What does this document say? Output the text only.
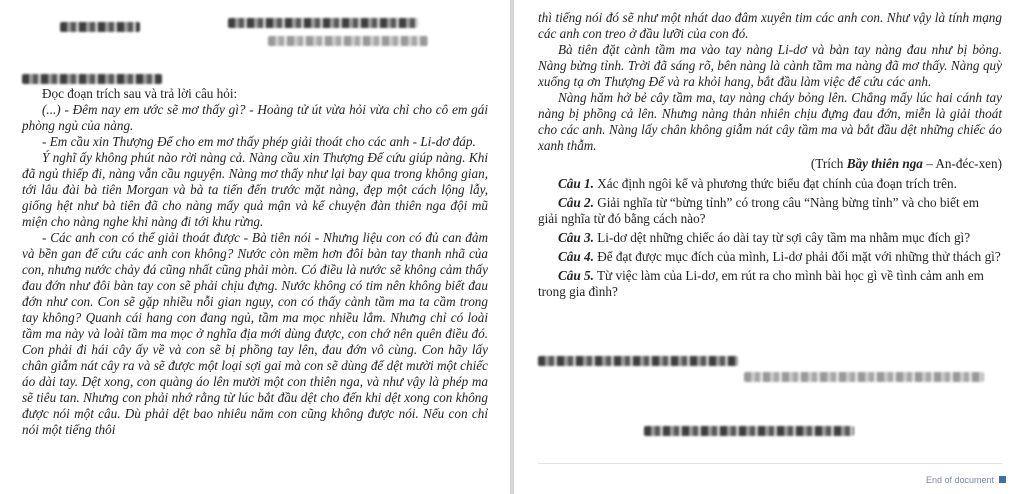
Đọc đoạn trích sau và trả lời câu hỏi:

(...) - Đêm nay em ước sẽ mơ thấy gì? - Hoàng tử út vừa hỏi vừa chỉ cho cô em gái phòng ngủ của nàng.

- Em cầu xin Thượng Đế cho em mơ thấy phép giải thoát cho các anh - Li-dơ đáp.

Ý nghĩ ấy không phút nào rời nàng cả. Nàng cầu xin Thượng Đế cứu giúp nàng. Khi đã ngủ thiếp đi, nàng vẫn cầu nguyện. Nàng mơ thấy như lại bay qua trong không gian, tới lâu đài bà tiên Morgan và bà ta tiến đến trước mặt nàng, đẹp một cách lộng lẫy, giống hệt như bà tiên đã cho nàng mấy quả mận và kể chuyện đàn thiên nga đội mũ miện cho nàng nghe khi nàng đi tới khu rừng.

- Các anh con có thể giải thoát được - Bà tiên nói - Nhưng liệu con có đủ can đảm và bền gan để cứu các anh con không? Nước còn mềm hơn đôi bàn tay thanh nhã của con, nhưng nước chảy đá cũng nhất cũng phải mòn. Có điều là nước sẽ không cảm thấy đau đớn như đôi bàn tay con sẽ phải chịu đựng. Nước không có tim nên không biết đau đớn như con. Con sẽ gặp nhiều nỗi gian nguy, con có thấy cành tầm ma ta cầm trong tay không? Quanh cái hang con đang ngủ, tầm ma mọc nhiều lắm. Nhưng chỉ có loài tầm ma này và loài tầm ma mọc ở nghĩa địa mới dùng được, con chớ nên quên điều đó. Con phải đi hái cây ấy về và con sẽ bị phồng tay lên, đau đớn vô cùng. Con hãy lấy chân giẫm nát cây ra và sẽ được một loại sợi gai mà con sẽ dùng để dệt mười một chiếc áo dài tay. Dệt xong, con quàng áo lên mười một con thiên nga, và như vậy là phép ma sẽ tiêu tan. Nhưng con phải nhớ rằng từ lúc bắt đầu dệt cho đến khi dệt xong con không được nói một câu. Dù phải dệt bao nhiêu năm con cũng không được nói. Nếu con chỉ nói một tiếng thôi

thì tiếng nói đó sẽ như một nhát dao đâm xuyên tim các anh con. Như vậy là tính mạng các anh con treo ở đầu lưỡi của con đó.

Bà tiên đặt cành tầm ma vào tay nàng Li-dơ và bàn tay nàng đau như bị bỏng. Nàng bừng tỉnh. Trời đã sáng rõ, bên nàng là cành tầm ma nàng đã mơ thấy. Nàng quỳ xuống tạ ơn Thượng Đế và ra khỏi hang, bắt đầu làm việc để cứu các anh.

Nàng hăm hở bẻ cây tầm ma, tay nàng cháy bỏng lên. Chẳng mấy lúc hai cánh tay nàng bị phồng cả lên. Nhưng nàng thản nhiên chịu đựng đau đớn, miễn là giải thoát cho các anh. Nàng lấy chân không giẫm nát cây tầm ma và bắt đầu dệt những chiếc áo xanh thẫm.

(Trích Bầy thiên nga – An-đéc-xen)

Câu 1. Xác định ngôi kể và phương thức biểu đạt chính của đoạn trích trên.

Câu 2. Giải nghĩa từ “bừng tỉnh” có trong câu “Nàng bừng tỉnh” và cho biết em giải nghĩa từ đó bằng cách nào?

Câu 3. Li-dơ dệt những chiếc áo dài tay từ sợi cây tầm ma nhằm mục đích gì?

Câu 4. Để đạt được mục đích của mình, Li-dơ phải đối mặt với những thử thách gì?

Câu 5. Từ việc làm của Li-dơ, em rút ra cho mình bài học gì về tình cảm anh em trong gia đình?

End of document
